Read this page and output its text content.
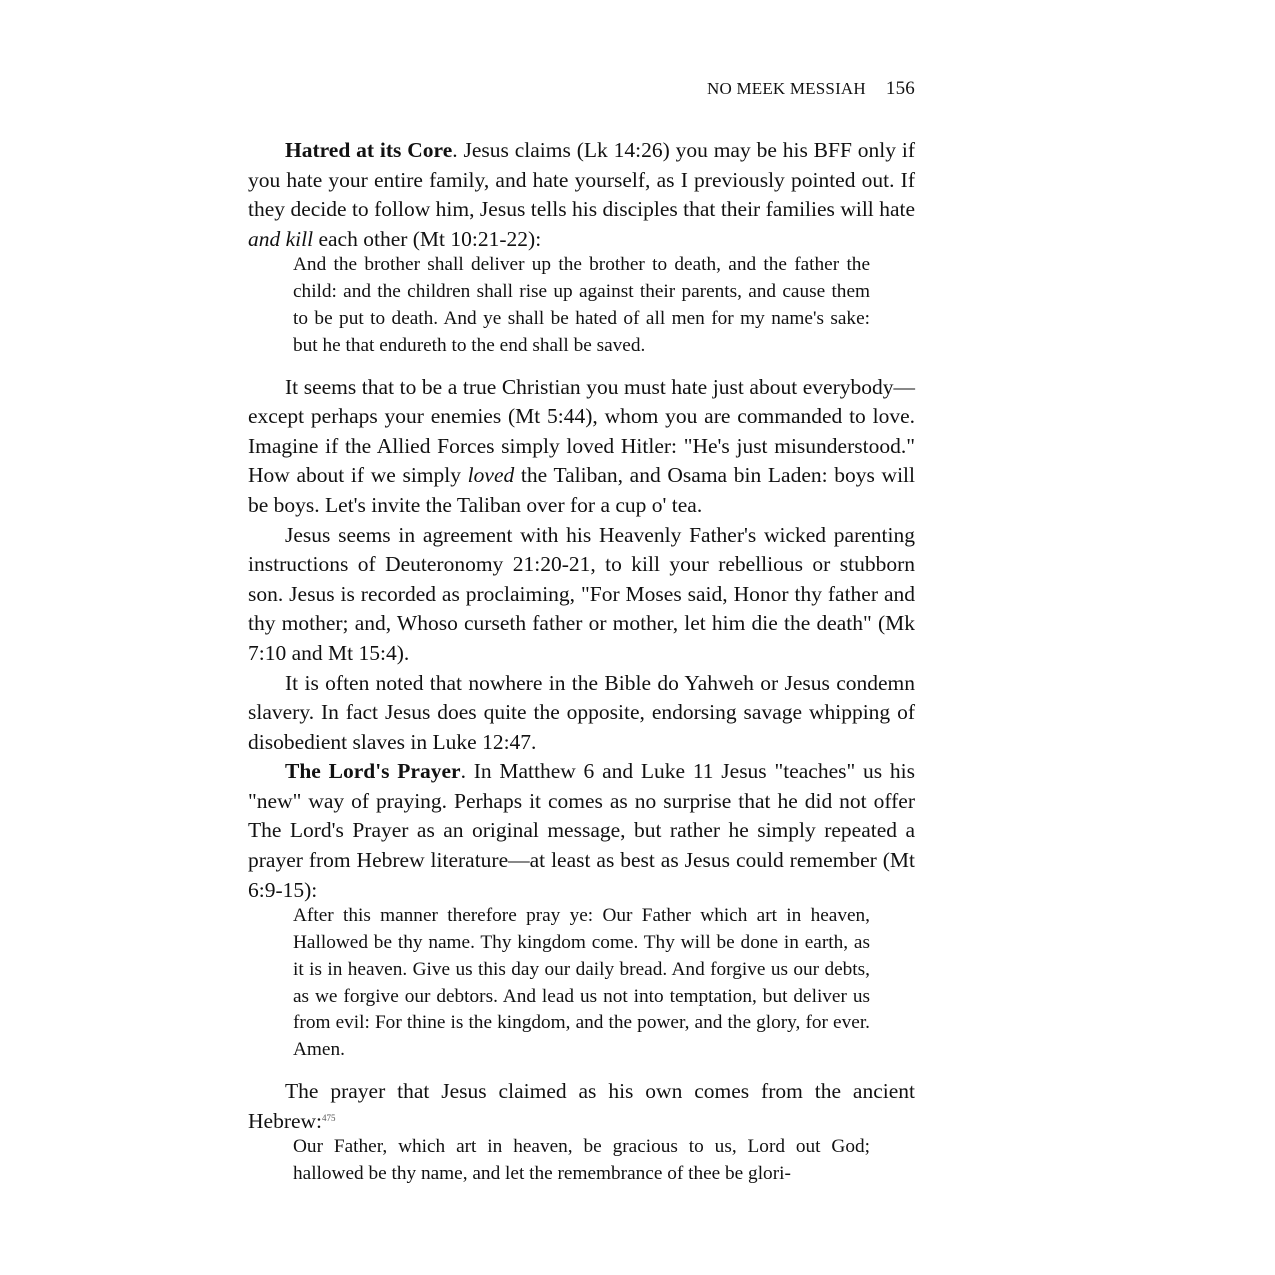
NO MEEK MESSIAH 156

Hatred at its Core. Jesus claims (Lk 14:26) you may be his BFF only if you hate your entire family, and hate yourself, as I previously pointed out. If they decide to follow him, Jesus tells his disciples that their families will hate and kill each other (Mt 10:21-22):

And the brother shall deliver up the brother to death, and the father the child: and the children shall rise up against their parents, and cause them to be put to death. And ye shall be hated of all men for my name's sake: but he that endureth to the end shall be saved.

It seems that to be a true Christian you must hate just about everybody—except perhaps your enemies (Mt 5:44), whom you are commanded to love. Imagine if the Allied Forces simply loved Hitler: "He's just misunderstood." How about if we simply loved the Taliban, and Osama bin Laden: boys will be boys. Let's invite the Taliban over for a cup o' tea.

Jesus seems in agreement with his Heavenly Father's wicked parenting instructions of Deuteronomy 21:20-21, to kill your rebellious or stubborn son. Jesus is recorded as proclaiming, "For Moses said, Honor thy father and thy mother; and, Whoso curseth father or mother, let him die the death" (Mk 7:10 and Mt 15:4).

It is often noted that nowhere in the Bible do Yahweh or Jesus condemn slavery. In fact Jesus does quite the opposite, endorsing savage whipping of disobedient slaves in Luke 12:47.

The Lord's Prayer. In Matthew 6 and Luke 11 Jesus "teaches" us his "new" way of praying. Perhaps it comes as no surprise that he did not offer The Lord's Prayer as an original message, but rather he simply repeated a prayer from Hebrew literature—at least as best as Jesus could remember (Mt 6:9-15):

After this manner therefore pray ye: Our Father which art in heaven, Hallowed be thy name. Thy kingdom come. Thy will be done in earth, as it is in heaven. Give us this day our daily bread. And forgive us our debts, as we forgive our debtors. And lead us not into temptation, but deliver us from evil: For thine is the kingdom, and the power, and the glory, for ever. Amen.

The prayer that Jesus claimed as his own comes from the ancient Hebrew:$^{475}$

Our Father, which art in heaven, be gracious to us, Lord out God; hallowed be thy name, and let the remembrance of thee be glori-
